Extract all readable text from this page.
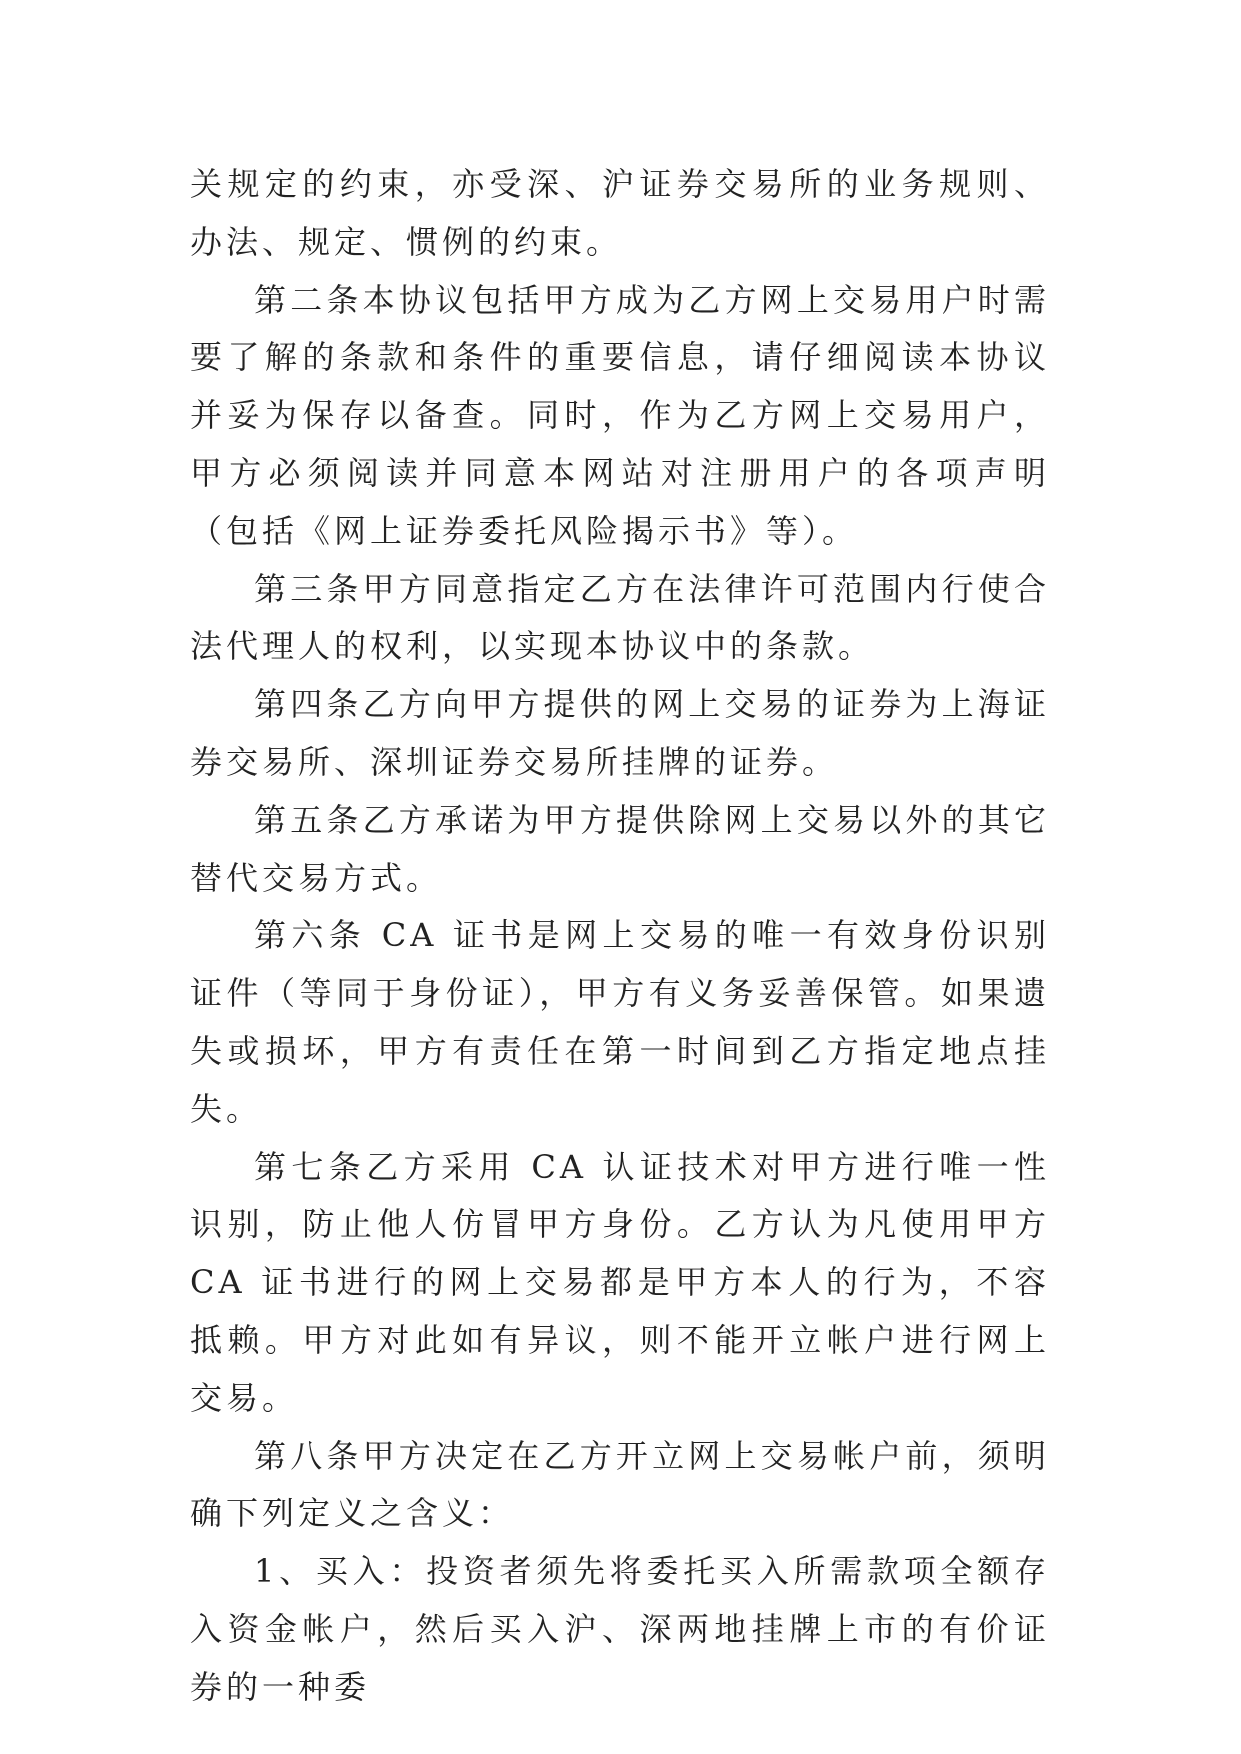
关规定的约束，亦受深、沪证券交易所的业务规则、办法、规定、惯例的约束。

第二条本协议包括甲方成为乙方网上交易用户时需要了解的条款和条件的重要信息，请仔细阅读本协议并妥为保存以备查。同时，作为乙方网上交易用户，甲方必须阅读并同意本网站对注册用户的各项声明（包括《网上证券委托风险揭示书》等）。

第三条甲方同意指定乙方在法律许可范围内行使合法代理人的权利，以实现本协议中的条款。

第四条乙方向甲方提供的网上交易的证券为上海证券交易所、深圳证券交易所挂牌的证券。

第五条乙方承诺为甲方提供除网上交易以外的其它替代交易方式。

第六条 CA 证书是网上交易的唯一有效身份识别证件（等同于身份证），甲方有义务妥善保管。如果遗失或损坏，甲方有责任在第一时间到乙方指定地点挂失。

第七条乙方采用 CA 认证技术对甲方进行唯一性识别，防止他人仿冒甲方身份。乙方认为凡使用甲方 CA 证书进行的网上交易都是甲方本人的行为，不容抵赖。甲方对此如有异议，则不能开立帐户进行网上交易。

第八条甲方决定在乙方开立网上交易帐户前，须明确下列定义之含义：

1、买入：投资者须先将委托买入所需款项全额存入资金帐户，然后买入沪、深两地挂牌上市的有价证券的一种委
